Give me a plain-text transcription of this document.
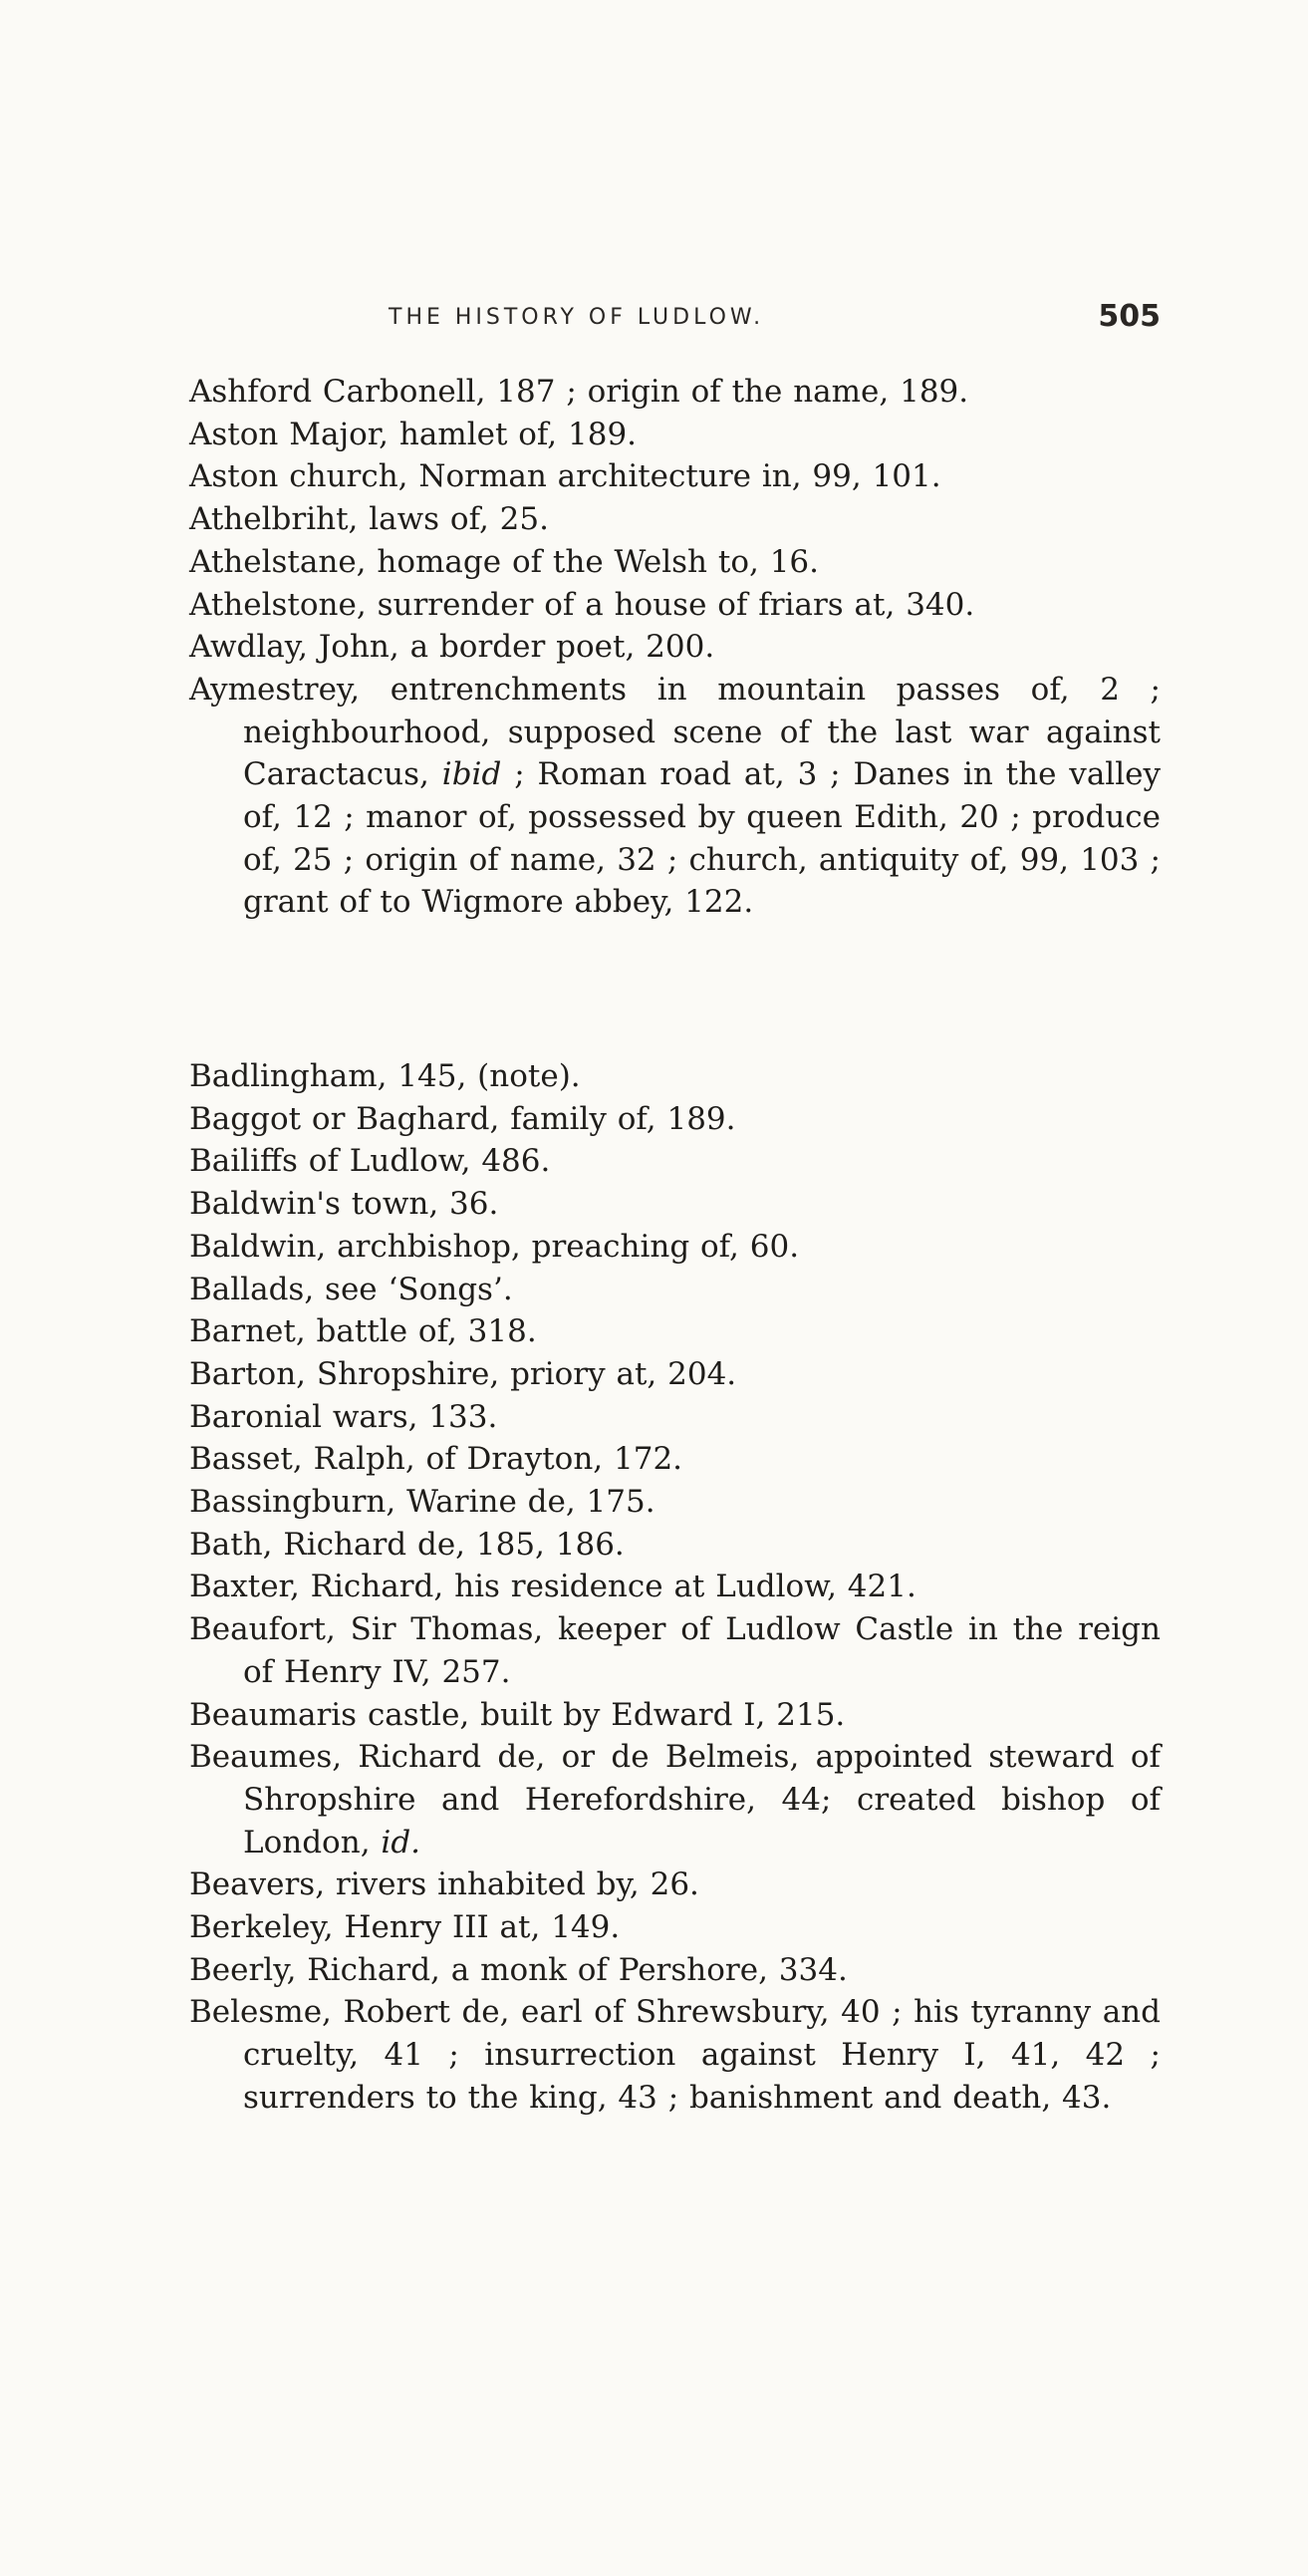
THE HISTORY OF LUDLOW.	505
Ashford Carbonell, 187 ; origin of the name, 189.
Aston Major, hamlet of, 189.
Aston church, Norman architecture in, 99, 101.
Athelbriht, laws of, 25.
Athelstane, homage of the Welsh to, 16.
Athelstone, surrender of a house of friars at, 340.
Awdlay, John, a border poet, 200.
Aymestrey, entrenchments in mountain passes of, 2 ; neighbourhood, supposed scene of the last war against Caractacus, ibid ; Roman road at, 3 ; Danes in the valley of, 12 ; manor of, possessed by queen Edith, 20 ; produce of, 25 ; origin of name, 32 ; church, antiquity of, 99, 103 ; grant of to Wigmore abbey, 122.
Badlingham, 145, (note).
Baggot or Baghard, family of, 189.
Bailiffs of Ludlow, 486.
Baldwin's town, 36.
Baldwin, archbishop, preaching of, 60.
Ballads, see ‘Songs’.
Barnet, battle of, 318.
Barton, Shropshire, priory at, 204.
Baronial wars, 133.
Basset, Ralph, of Drayton, 172.
Bassingburn, Warine de, 175.
Bath, Richard de, 185, 186.
Baxter, Richard, his residence at Ludlow, 421.
Beaufort, Sir Thomas, keeper of Ludlow Castle in the reign of Henry IV, 257.
Beaumaris castle, built by Edward I, 215.
Beaumes, Richard de, or de Belmeis, appointed steward of Shropshire and Herefordshire, 44; created bishop of London, id.
Beavers, rivers inhabited by, 26.
Berkeley, Henry III at, 149.
Beerly, Richard, a monk of Pershore, 334.
Belesme, Robert de, earl of Shrewsbury, 40 ; his tyranny and cruelty, 41 ; insurrection against Henry I, 41, 42 ; surrenders to the king, 43 ; banishment and death, 43.
